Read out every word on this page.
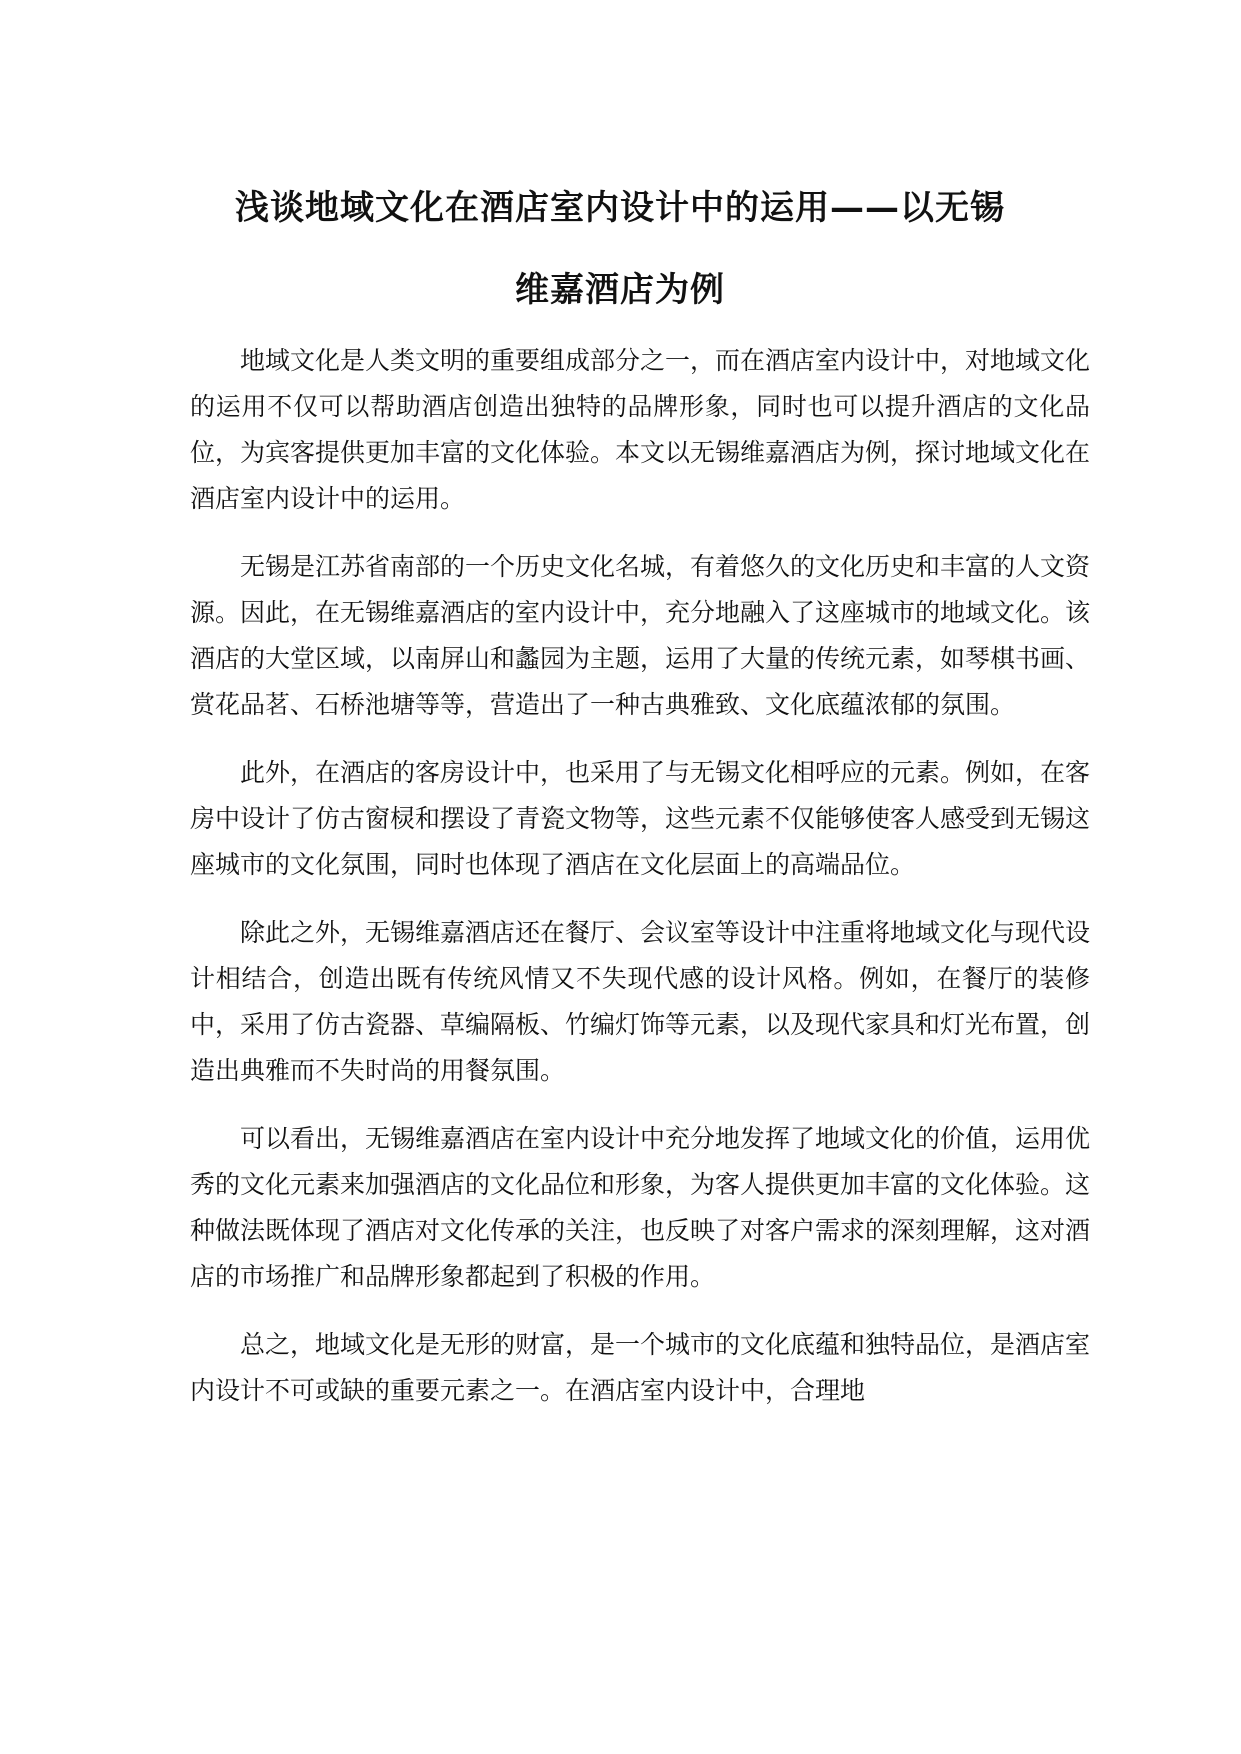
浅谈地域文化在酒店室内设计中的运用——以无锡
维嘉酒店为例

地域文化是人类文明的重要组成部分之一，而在酒店室内设计中，对地域文化的运用不仅可以帮助酒店创造出独特的品牌形象，同时也可以提升酒店的文化品位，为宾客提供更加丰富的文化体验。本文以无锡维嘉酒店为例，探讨地域文化在酒店室内设计中的运用。

无锡是江苏省南部的一个历史文化名城，有着悠久的文化历史和丰富的人文资源。因此，在无锡维嘉酒店的室内设计中，充分地融入了这座城市的地域文化。该酒店的大堂区域，以南屏山和蠡园为主题，运用了大量的传统元素，如琴棋书画、赏花品茗、石桥池塘等等，营造出了一种古典雅致、文化底蕴浓郁的氛围。

此外，在酒店的客房设计中，也采用了与无锡文化相呼应的元素。例如，在客房中设计了仿古窗棂和摆设了青瓷文物等，这些元素不仅能够使客人感受到无锡这座城市的文化氛围，同时也体现了酒店在文化层面上的高端品位。

除此之外，无锡维嘉酒店还在餐厅、会议室等设计中注重将地域文化与现代设计相结合，创造出既有传统风情又不失现代感的设计风格。例如，在餐厅的装修中，采用了仿古瓷器、草编隔板、竹编灯饰等元素，以及现代家具和灯光布置，创造出典雅而不失时尚的用餐氛围。

可以看出，无锡维嘉酒店在室内设计中充分地发挥了地域文化的价值，运用优秀的文化元素来加强酒店的文化品位和形象，为客人提供更加丰富的文化体验。这种做法既体现了酒店对文化传承的关注，也反映了对客户需求的深刻理解，这对酒店的市场推广和品牌形象都起到了积极的作用。

总之，地域文化是无形的财富，是一个城市的文化底蕴和独特品位，是酒店室内设计不可或缺的重要元素之一。在酒店室内设计中，合理地
